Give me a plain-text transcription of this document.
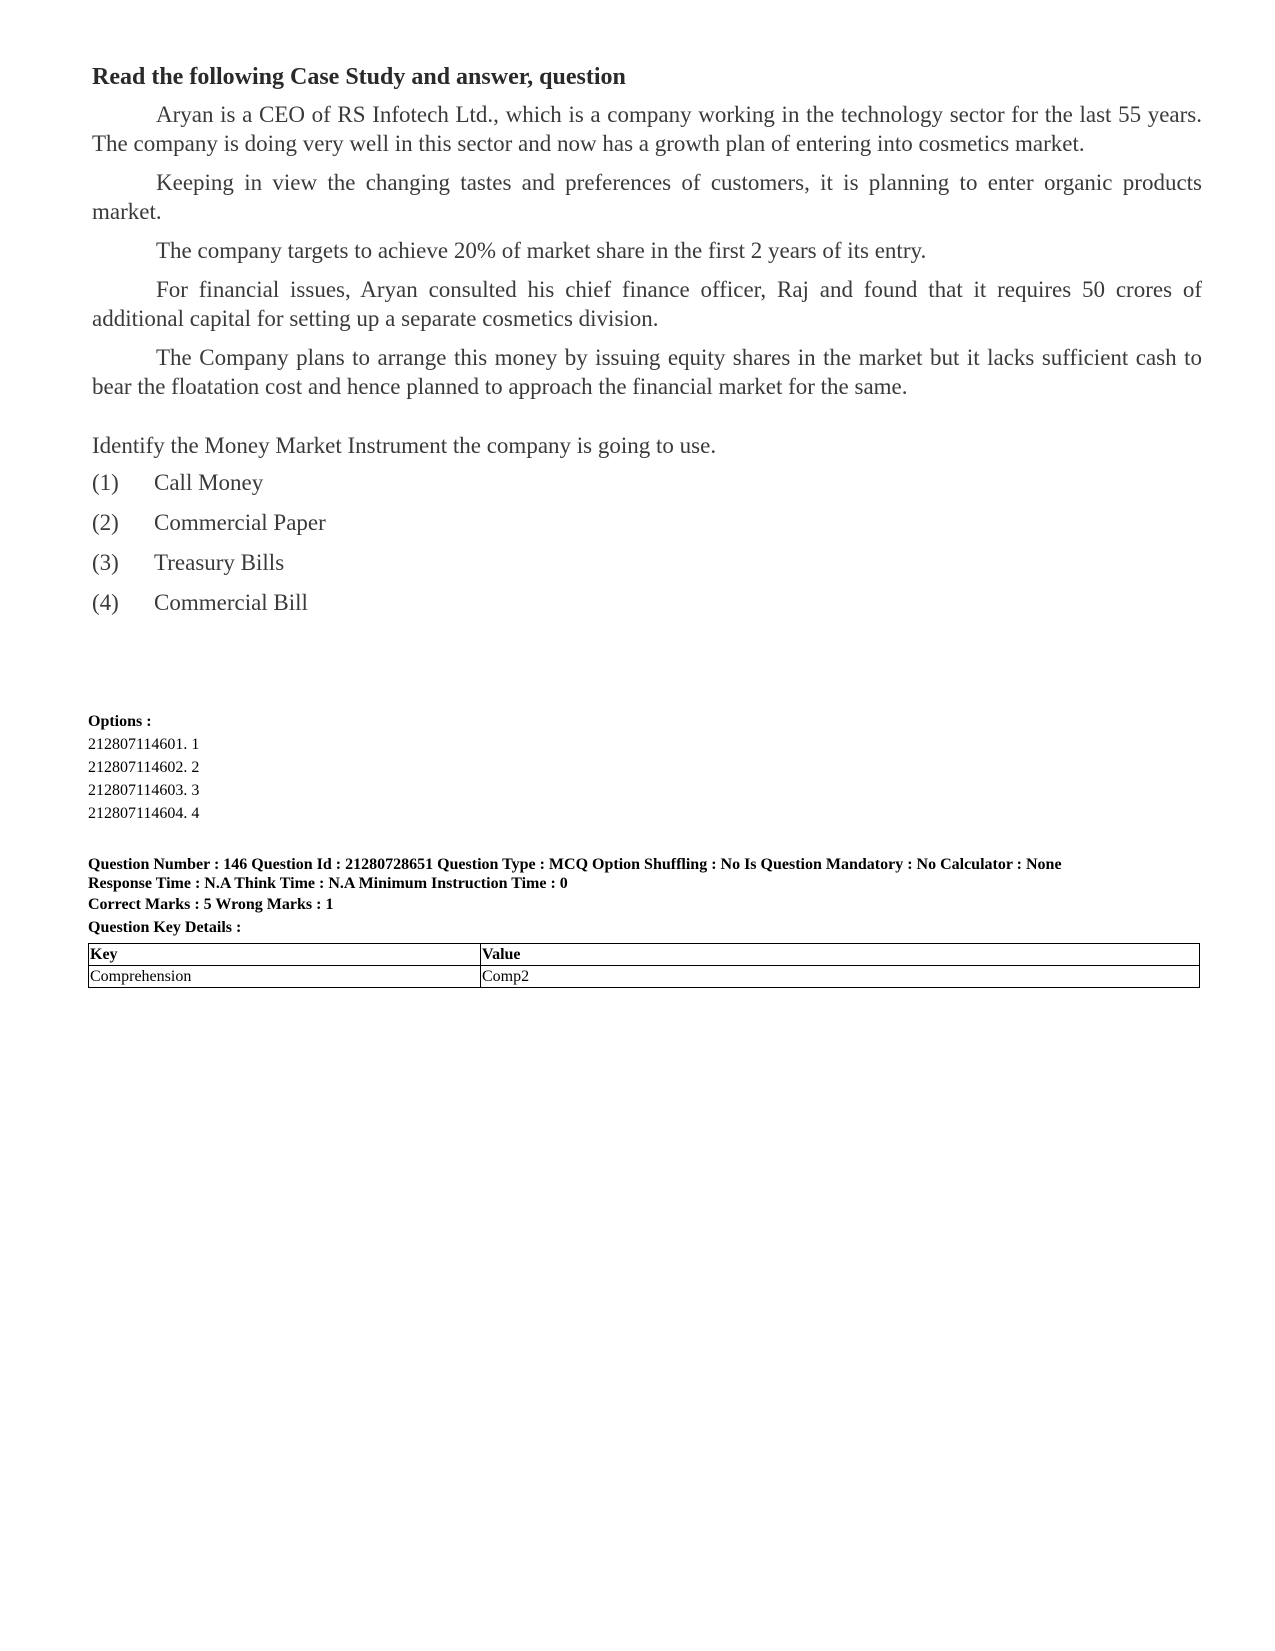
Read the following Case Study and answer, question

Aryan is a CEO of RS Infotech Ltd., which is a company working in the technology sector for the last 55 years. The company is doing very well in this sector and now has a growth plan of entering into cosmetics market.

Keeping in view the changing tastes and preferences of customers, it is planning to enter organic products market.

The company targets to achieve 20% of market share in the first 2 years of its entry.

For financial issues, Aryan consulted his chief finance officer, Raj and found that it requires 50 crores of additional capital for setting up a separate cosmetics division.

The Company plans to arrange this money by issuing equity shares in the market but it lacks sufficient cash to bear the floatation cost and hence planned to approach the financial market for the same.

Identify the Money Market Instrument the company is going to use.
(1)	Call Money
(2)	Commercial Paper
(3)	Treasury Bills
(4)	Commercial Bill
Options :
212807114601. 1
212807114602. 2
212807114603. 3
212807114604. 4
Question Number : 146 Question Id : 21280728651 Question Type : MCQ Option Shuffling : No Is Question Mandatory : No Calculator : None
Response Time : N.A Think Time : N.A Minimum Instruction Time : 0
Correct Marks : 5 Wrong Marks : 1
Question Key Details :
Key	Value
Comprehension	Comp2
